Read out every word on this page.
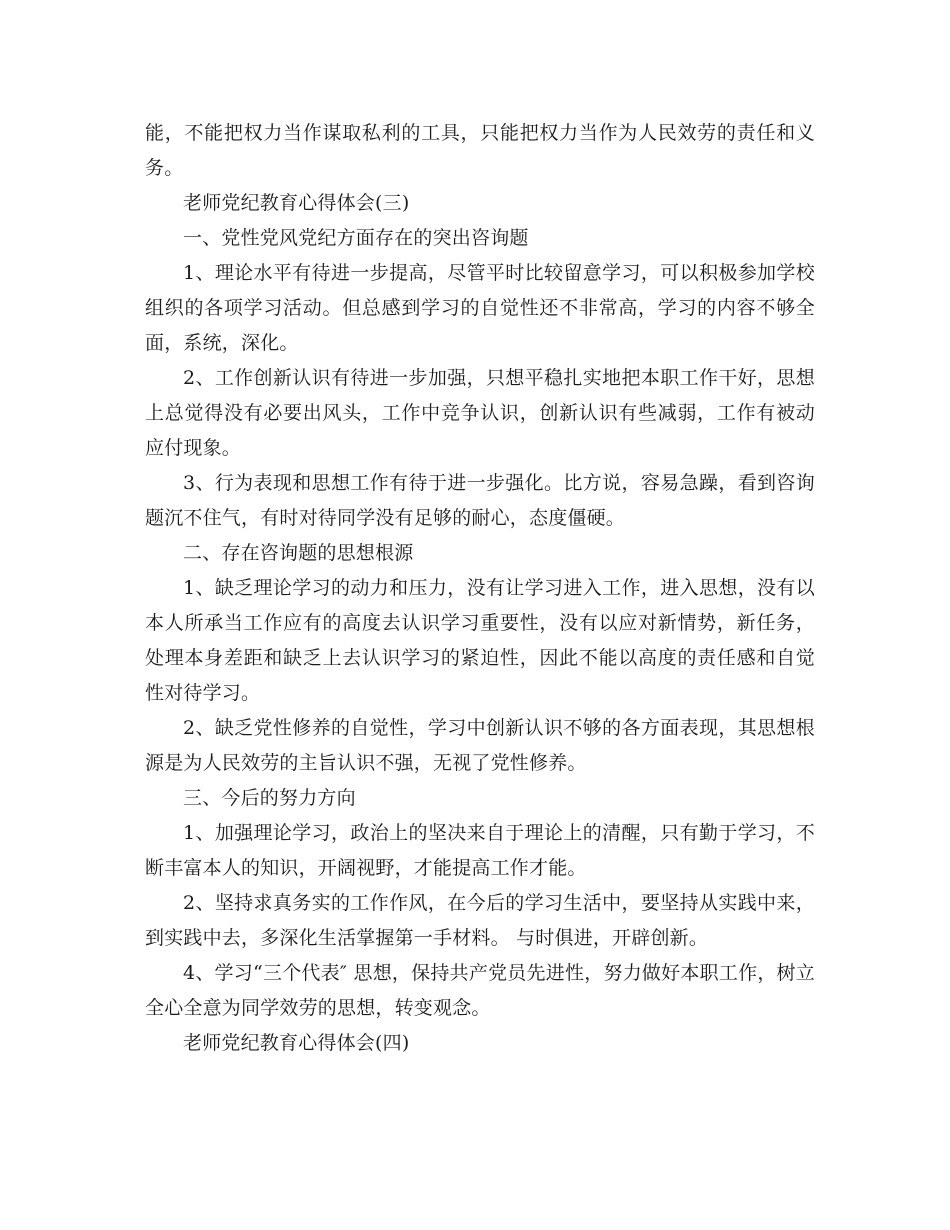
能，不能把权力当作谋取私利的工具，只能把权力当作为人民效劳的责任和义务。

老师党纪教育心得体会(三)

一、党性党风党纪方面存在的突出咨询题

1、理论水平有待进一步提高，尽管平时比较留意学习，可以积极参加学校组织的各项学习活动。但总感到学习的自觉性还不非常高，学习的内容不够全面，系统，深化。

2、工作创新认识有待进一步加强，只想平稳扎实地把本职工作干好，思想上总觉得没有必要出风头，工作中竞争认识，创新认识有些减弱，工作有被动应付现象。

3、行为表现和思想工作有待于进一步强化。比方说，容易急躁，看到咨询题沉不住气，有时对待同学没有足够的耐心，态度僵硬。

二、存在咨询题的思想根源

1、缺乏理论学习的动力和压力，没有让学习进入工作，进入思想，没有以本人所承当工作应有的高度去认识学习重要性，没有以应对新情势，新任务，处理本身差距和缺乏上去认识学习的紧迫性，因此不能以高度的责任感和自觉性对待学习。

2、缺乏党性修养的自觉性，学习中创新认识不够的各方面表现，其思想根源是为人民效劳的主旨认识不强，无视了党性修养。

三、今后的努力方向

1、加强理论学习，政治上的坚决来自于理论上的清醒，只有勤于学习，不断丰富本人的知识，开阔视野，才能提高工作才能。

2、坚持求真务实的工作作风，在今后的学习生活中，要坚持从实践中来，到实践中去，多深化生活掌握第一手材料。 与时俱进，开辟创新。

4、学习“三个代表″ 思想，保持共产党员先进性，努力做好本职工作，树立全心全意为同学效劳的思想，转变观念。

老师党纪教育心得体会(四)
